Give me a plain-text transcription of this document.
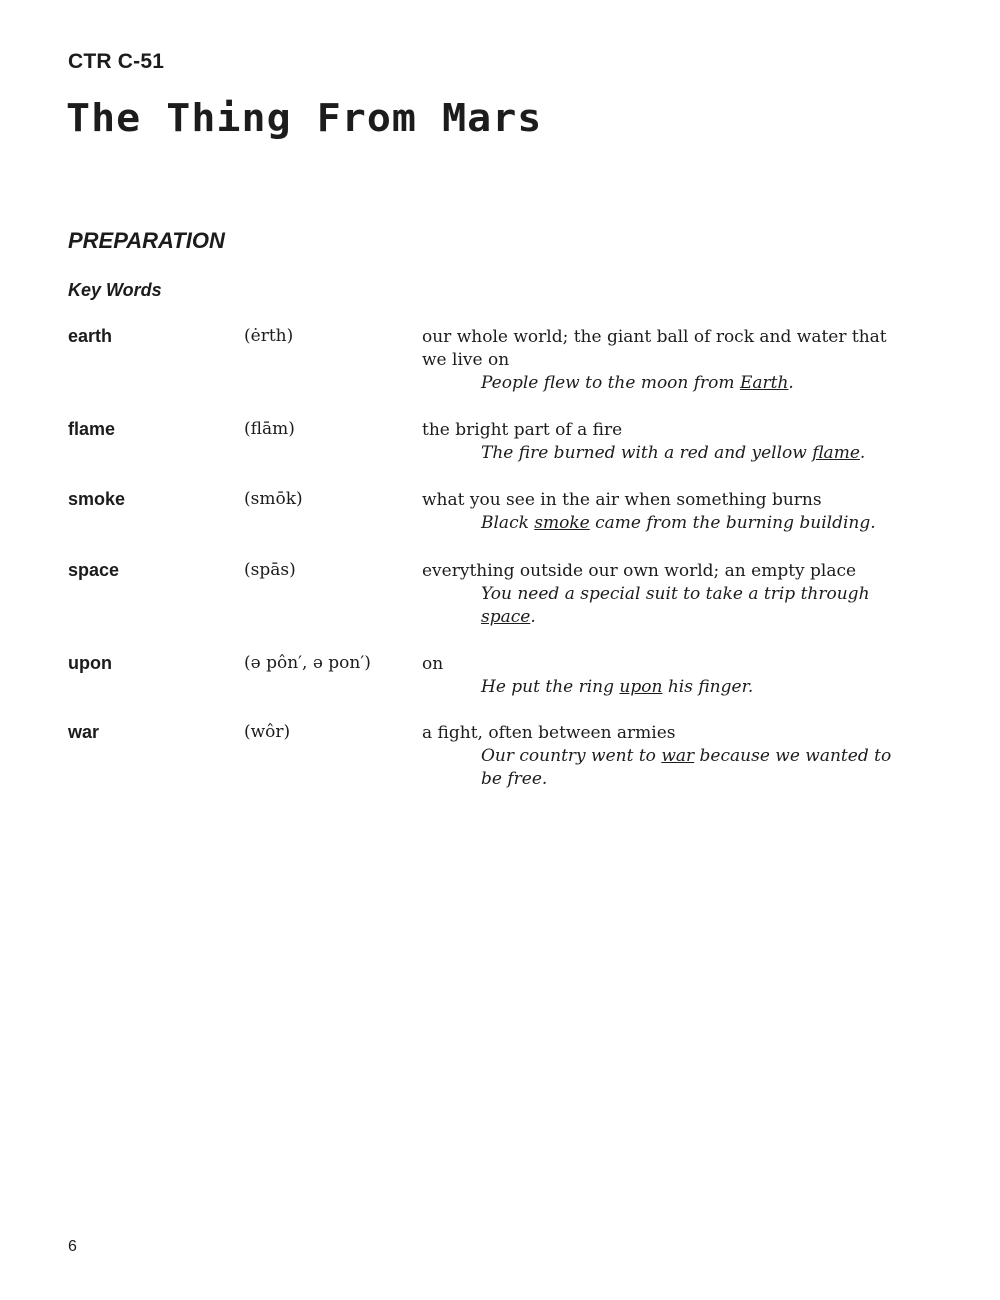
CTR C-51
The Thing From Mars
PREPARATION
Key Words
earth	(ėrth)	our whole world; the giant ball of rock and water that we live on
People flew to the moon from Earth.
flame	(flām)	the bright part of a fire
The fire burned with a red and yellow flame.
smoke	(smōk)	what you see in the air when something burns
Black smoke came from the burning building.
space	(spās)	everything outside our own world; an empty place
You need a special suit to take a trip through space.
upon	(ə pôn′, ə pon′)	on
He put the ring upon his finger.
war	(wôr)	a fight, often between armies
Our country went to war because we wanted to be free.
6
